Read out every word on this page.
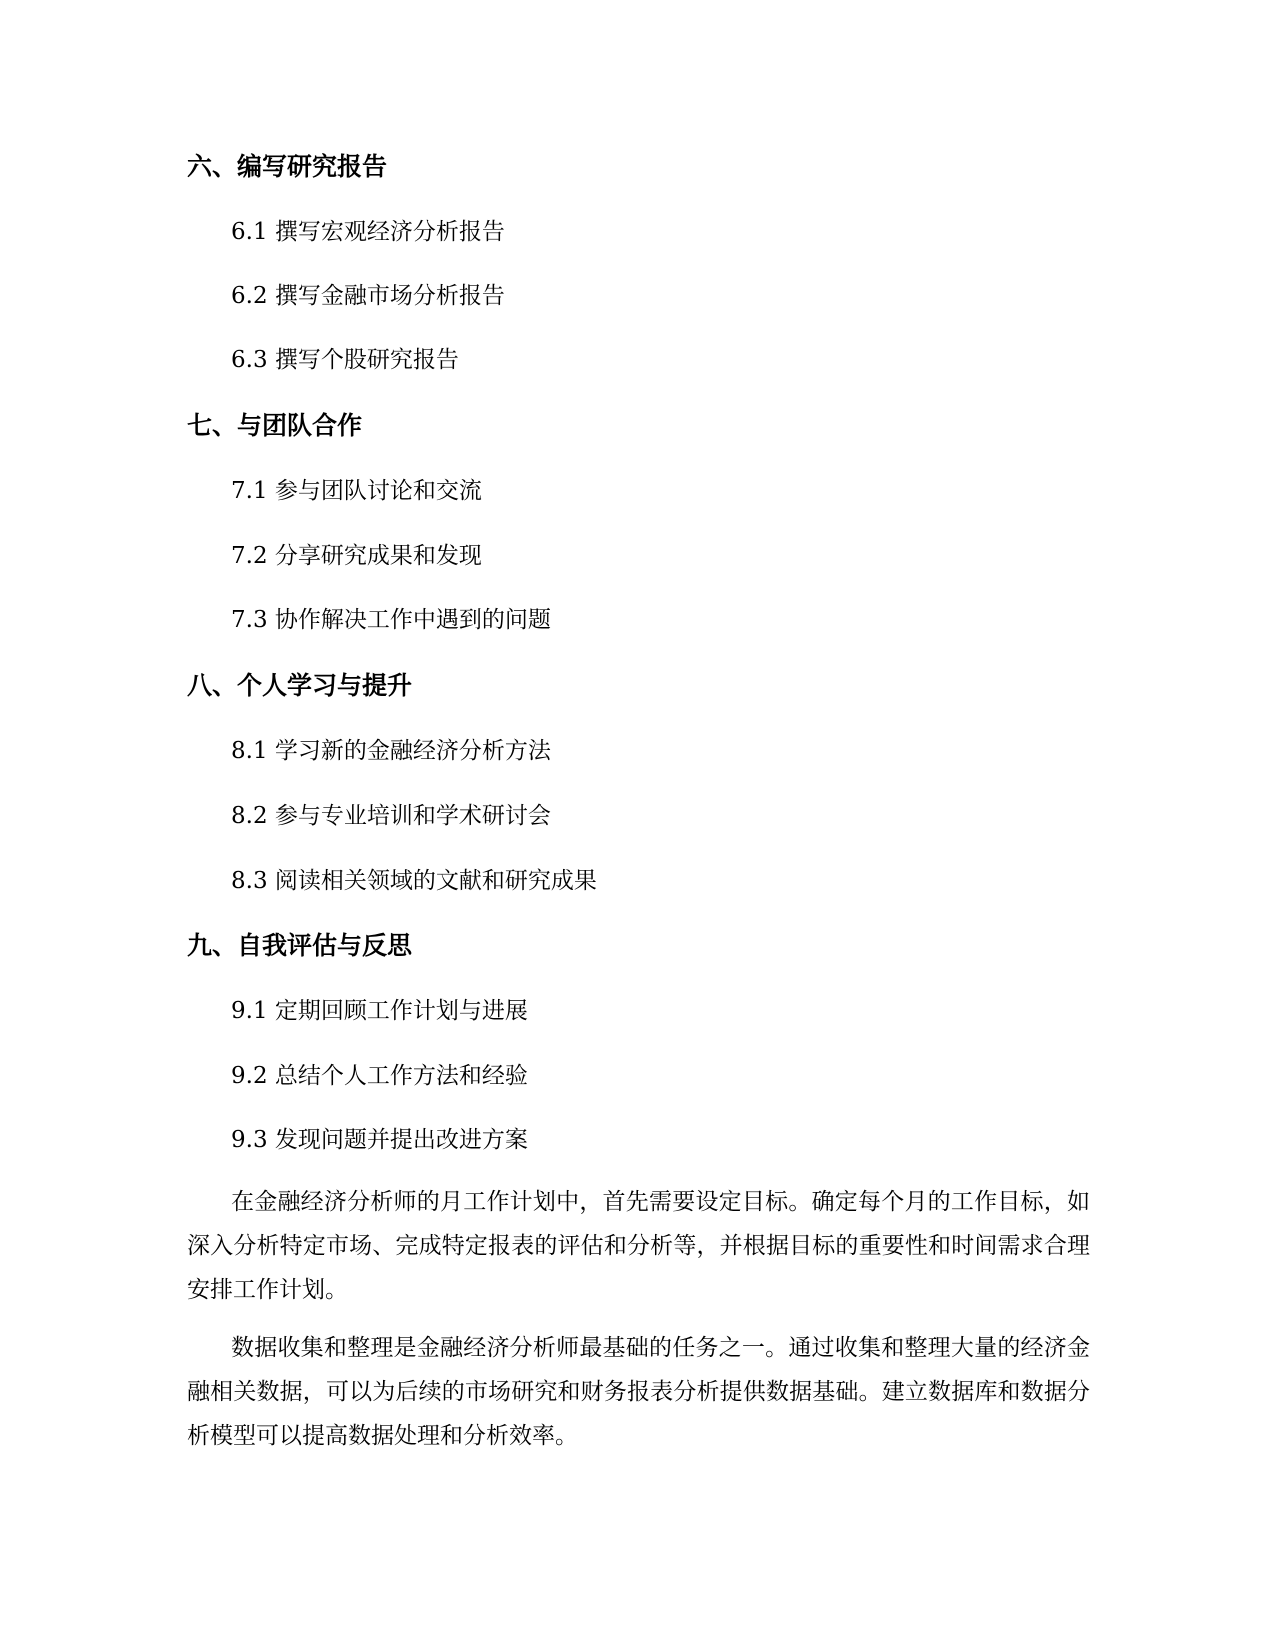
六、编写研究报告
6.1 撰写宏观经济分析报告
6.2 撰写金融市场分析报告
6.3 撰写个股研究报告
七、与团队合作
7.1 参与团队讨论和交流
7.2 分享研究成果和发现
7.3 协作解决工作中遇到的问题
八、个人学习与提升
8.1 学习新的金融经济分析方法
8.2 参与专业培训和学术研讨会
8.3 阅读相关领域的文献和研究成果
九、自我评估与反思
9.1 定期回顾工作计划与进展
9.2 总结个人工作方法和经验
9.3 发现问题并提出改进方案

在金融经济分析师的月工作计划中，首先需要设定目标。确定每个月的工作目标，如深入分析特定市场、完成特定报表的评估和分析等，并根据目标的重要性和时间需求合理安排工作计划。

数据收集和整理是金融经济分析师最基础的任务之一。通过收集和整理大量的经济金融相关数据，可以为后续的市场研究和财务报表分析提供数据基础。建立数据库和数据分析模型可以提高数据处理和分析效率。
